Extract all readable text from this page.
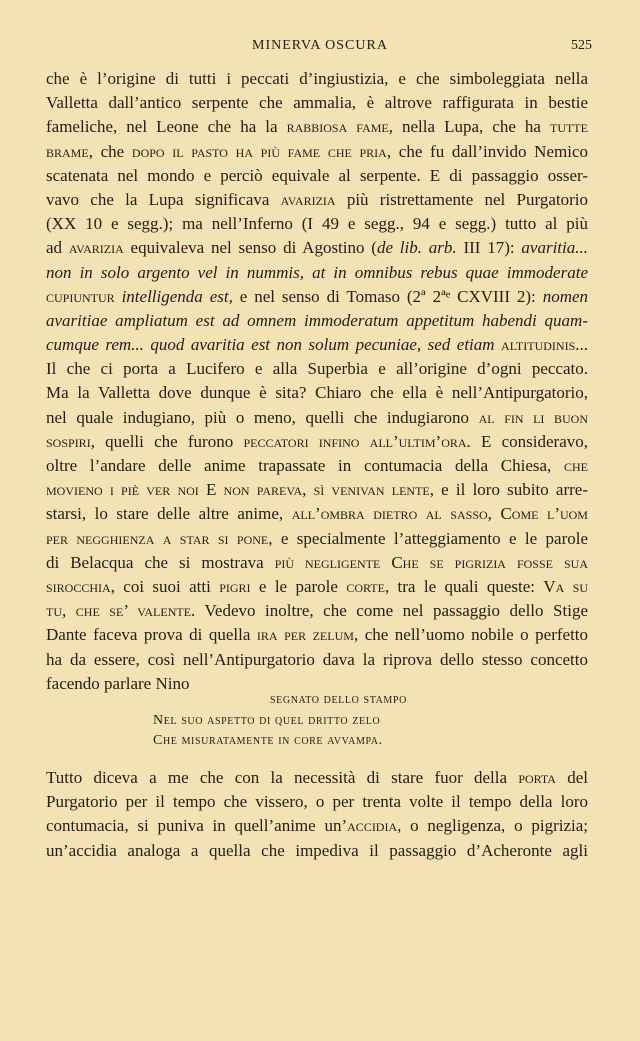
MINERVA OSCURA	525
che è l’origine di tutti i peccati d’ingiustizia, e che simboleggiata nella
Valletta dall’antico serpente che ammalia, è altrove raffigurata in bestie
fameliche, nel Leone che ha la rabbiosa fame, nella Lupa, che ha tutte
brame, che dopo il pasto ha più fame che pria, che fu dall’invido Nemico
scatenata nel mondo e perciò equivale al serpente. E di passaggio osser-
vavo che la Lupa significava avarizia più ristrettamente nel Purgatorio
(XX 10 e segg.); ma nell’Inferno (I 49 e segg., 94 e segg.) tutto al più
ad avarizia equivaleva nel senso di Agostino (de lib. arb. III 17): avaritia...
non in solo argento vel in nummis, at in omnibus rebus quae immoderate
cupiuntur intelligenda est, e nel senso di Tomaso (2ª 2ªᵉ CXVIII 2): nomen
avaritiae ampliatum est ad omnem immoderatum appetitum habendi quam-
cumque rem... quod avaritia est non solum pecuniae, sed etiam altitudinis...
Il che ci porta a Lucifero e alla Superbia e all’origine d’ogni peccato.
Ma la Valletta dove dunque è sita? Chiaro che ella è nell’Antipurgatorio,
nel quale indugiano, più o meno, quelli che indugiarono al fin li buon
sospiri, quelli che furono peccatori infino all’ultim’ora. E consideravo,
oltre l’andare delle anime trapassate in contumacia della Chiesa, che
movieno i piè ver noi E non pareva, sì venivan lente, e il loro subito arre-
starsi, lo stare delle altre anime, all’ombra dietro al sasso, Come l’uom
per negghienza a star si pone, e specialmente l’atteggiamento e le parole
di Belacqua che si mostrava più negligente Che se pigrizia fosse sua
sirocchia, coi suoi atti pigri e le parole corte, tra le quali queste: Va su
tu, che se’ valente. Vedevo inoltre, che come nel passaggio dello Stige
Dante faceva prova di quella ira per zelum, che nell’uomo nobile o perfetto
ha da essere, così nell’Antipurgatorio dava la riprova dello stesso concetto
facendo parlare Nino
segnato dello stampo
Nel suo aspetto di quel dritto zelo
Che misuratamente in core avvampa.
Tutto diceva a me che con la necessità di stare fuor della porta del
Purgatorio per il tempo che vissero, o per trenta volte il tempo della loro
contumacia, si puniva in quell’anime un’accidia, o negligenza, o pigrizia;
un’accidia analoga a quella che impediva il passaggio d’Acheronte agli
